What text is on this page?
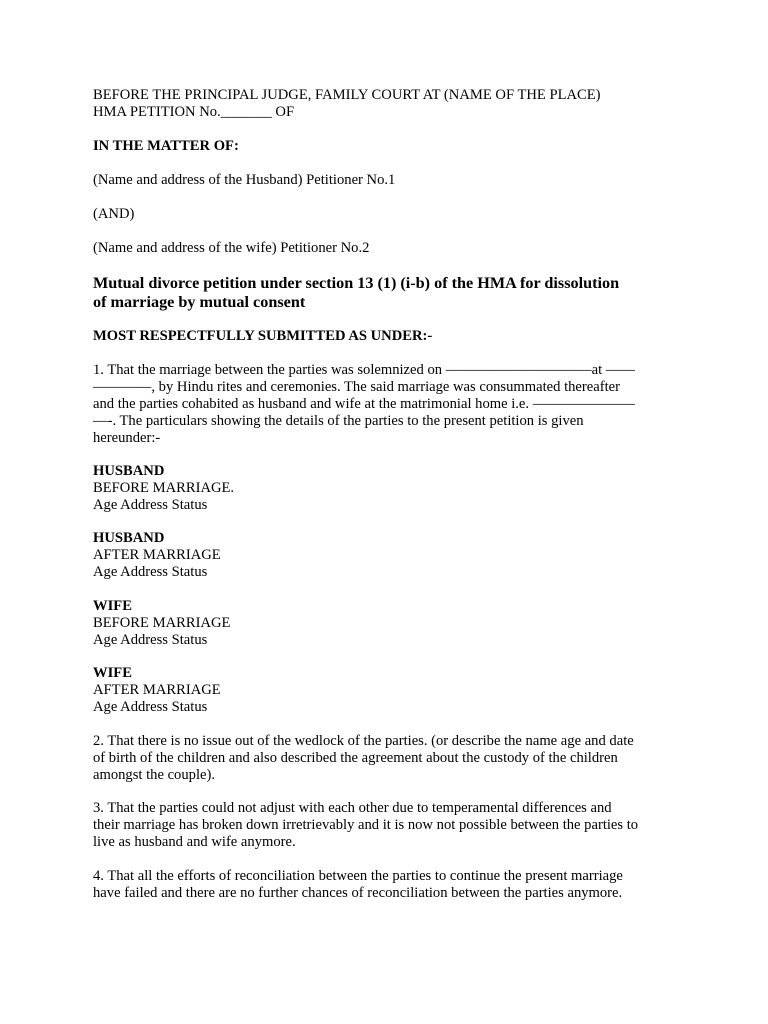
BEFORE THE PRINCIPAL JUDGE, FAMILY COURT AT (NAME OF THE PLACE)
HMA PETITION No._______ OF
IN THE MATTER OF:
(Name and address of the Husband) Petitioner No.1
(AND)
(Name and address of the wife) Petitioner No.2
Mutual divorce petition under section 13 (1) (i-b) of the HMA for dissolution
of marriage by mutual consent
MOST RESPECTFULLY SUBMITTED AS UNDER:-
1. That the marriage between the parties was solemnized on ——————————at ——
————, by Hindu rites and ceremonies. The said marriage was consummated thereafter
and the parties cohabited as husband and wife at the matrimonial home i.e. ———————
—-. The particulars showing the details of the parties to the present petition is given
hereunder:-
HUSBAND
BEFORE MARRIAGE.
Age Address Status
HUSBAND
AFTER MARRIAGE
Age Address Status
WIFE
BEFORE MARRIAGE
Age Address Status
WIFE
AFTER MARRIAGE
Age Address Status
2. That there is no issue out of the wedlock of the parties. (or describe the name age and date
of birth of the children and also described the agreement about the custody of the children
amongst the couple).
3. That the parties could not adjust with each other due to temperamental differences and
their marriage has broken down irretrievably and it is now not possible between the parties to
live as husband and wife anymore.
4. That all the efforts of reconciliation between the parties to continue the present marriage
have failed and there are no further chances of reconciliation between the parties anymore.
